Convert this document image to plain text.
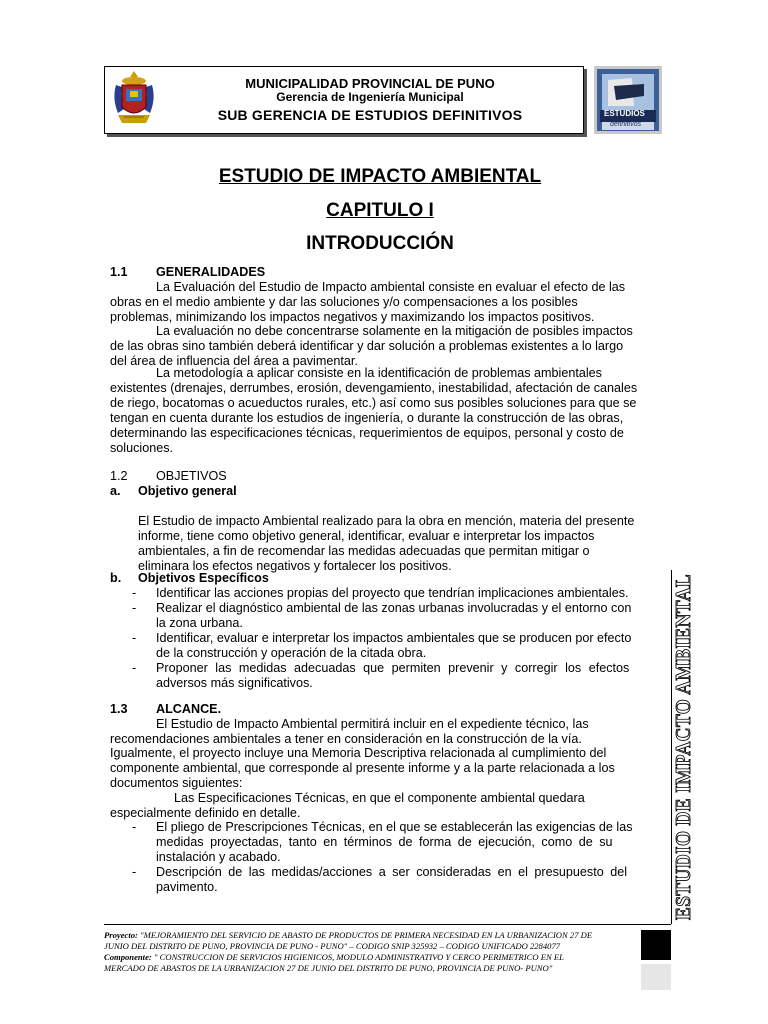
MUNICIPALIDAD PROVINCIAL DE PUNO
Gerencia de Ingeniería Municipal
SUB GERENCIA DE ESTUDIOS DEFINITIVOS	ESTUDIOS
definitivos
ESTUDIO DE IMPACTO AMBIENTAL
CAPITULO I
INTRODUCCIÓN
1.1 GENERALIDADES
La Evaluación del Estudio de Impacto ambiental consiste en evaluar el efecto de las
obras en el medio ambiente y dar las soluciones y/o compensaciones a los posibles
problemas, minimizando los impactos negativos y maximizando los impactos positivos.
La evaluación no debe concentrarse solamente en la mitigación de posibles impactos
de las obras sino también deberá identificar y dar solución a problemas existentes a lo largo
del área de influencia del área a pavimentar.
La metodología a aplicar consiste en la identificación de problemas ambientales
existentes (drenajes, derrumbes, erosión, devengamiento, inestabilidad, afectación de canales
de riego, bocatomas o acueductos rurales, etc.) así como sus posibles soluciones para que se
tengan en cuenta durante los estudios de ingeniería, o durante la construcción de las obras,
determinando las especificaciones técnicas, requerimientos de equipos, personal y costo de
soluciones.
1.2 OBJETIVOS
a. Objetivo general
El Estudio de impacto Ambiental realizado para la obra en mención, materia del presente
informe, tiene como objetivo general, identificar, evaluar e interpretar los impactos
ambientales, a fin de recomendar las medidas adecuadas que permitan mitigar o
eliminara los efectos negativos y fortalecer los positivos.
b. Objetivos Específicos
- Identificar las acciones propias del proyecto que tendrían implicaciones ambientales.
- Realizar el diagnóstico ambiental de las zonas urbanas involucradas y el entorno con
la zona urbana.
- Identificar, evaluar e interpretar los impactos ambientales que se producen por efecto
de la construcción y operación de la citada obra.
- Proponer las medidas adecuadas que permiten prevenir y corregir los efectos
adversos más significativos.
1.3 ALCANCE.
El Estudio de Impacto Ambiental permitirá incluir en el expediente técnico, las
recomendaciones ambientales a tener en consideración en la construcción de la vía.
Igualmente, el proyecto incluye una Memoria Descriptiva relacionada al cumplimiento del
componente ambiental, que corresponde al presente informe y a la parte relacionada a los
documentos siguientes:
Las Especificaciones Técnicas, en que el componente ambiental quedara
especialmente definido en detalle.
- El pliego de Prescripciones Técnicas, en el que se establecerán las exigencias de las
medidas proyectadas, tanto en términos de forma de ejecución, como de su
instalación y acabado.
- Descripción de las medidas/acciones a ser consideradas en el presupuesto del
pavimento.	ESTUDIO DE IMPACTO AMBIENTAL
Proyecto: "MEJORAMIENTO DEL SERVICIO DE ABASTO DE PRODUCTOS DE PRIMERA NECESIDAD EN LA URBANIZACION 27 DE
JUNIO DEL DISTRITO DE PUNO, PROVINCIA DE PUNO - PUNO" – CODIGO SNIP 325932 – CODIGO UNIFICADO 2284077
Componente: " CONSTRUCCION DE SERVICIOS HIGIENICOS, MODULO ADMINISTRATIVO Y CERCO PERIMETRICO EN EL
MERCADO DE ABASTOS DE LA URBANIZACION 27 DE JUNIO DEL DISTRITO DE PUNO, PROVINCIA DE PUNO- PUNO"
